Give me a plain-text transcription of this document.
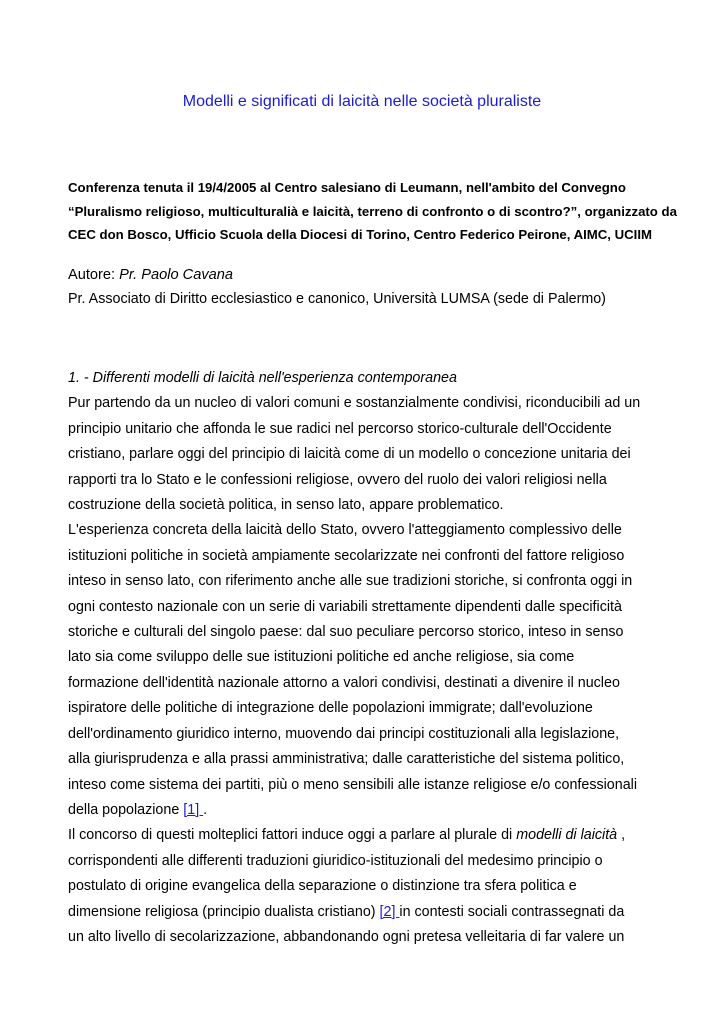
Modelli e significati di laicità nelle società pluraliste
Conferenza tenuta il 19/4/2005 al Centro salesiano di Leumann, nell'ambito del Convegno
“Pluralismo religioso, multiculturalià e laicità, terreno di confronto o di scontro?”, organizzato da
CEC don Bosco, Ufficio Scuola della Diocesi di Torino, Centro Federico Peirone, AIMC, UCIIM
Autore: Pr. Paolo Cavana
Pr. Associato di Diritto ecclesiastico e canonico, Università LUMSA (sede di Palermo)
1. - Differenti modelli di laicità nell'esperienza contemporanea
Pur partendo da un nucleo di valori comuni e sostanzialmente condivisi, riconducibili ad un
principio unitario che affonda le sue radici nel percorso storico-culturale dell'Occidente
cristiano, parlare oggi del principio di laicità come di un modello o concezione unitaria dei
rapporti tra lo Stato e le confessioni religiose, ovvero del ruolo dei valori religiosi nella
costruzione della società politica, in senso lato, appare problematico.
L'esperienza concreta della laicità dello Stato, ovvero l'atteggiamento complessivo delle
istituzioni politiche in società ampiamente secolarizzate nei confronti del fattore religioso
inteso in senso lato, con riferimento anche alle sue tradizioni storiche, si confronta oggi in
ogni contesto nazionale con un serie di variabili strettamente dipendenti dalle specificità
storiche e culturali del singolo paese: dal suo peculiare percorso storico, inteso in senso
lato sia come sviluppo delle sue istituzioni politiche ed anche religiose, sia come
formazione dell'identità nazionale attorno a valori condivisi, destinati a divenire il nucleo
ispiratore delle politiche di integrazione delle popolazioni immigrate; dall'evoluzione
dell'ordinamento giuridico interno, muovendo dai principi costituzionali alla legislazione,
alla giurisprudenza e alla prassi amministrativa; dalle caratteristiche del sistema politico,
inteso come sistema dei partiti, più o meno sensibili alle istanze religiose e/o confessionali
della popolazione [1] .
Il concorso di questi molteplici fattori induce oggi a parlare al plurale di modelli di laicità ,
corrispondenti alle differenti traduzioni giuridico-istituzionali del medesimo principio o
postulato di origine evangelica della separazione o distinzione tra sfera politica e
dimensione religiosa (principio dualista cristiano) [2] in contesti sociali contrassegnati da
un alto livello di secolarizzazione, abbandonando ogni pretesa velleitaria di far valere un
